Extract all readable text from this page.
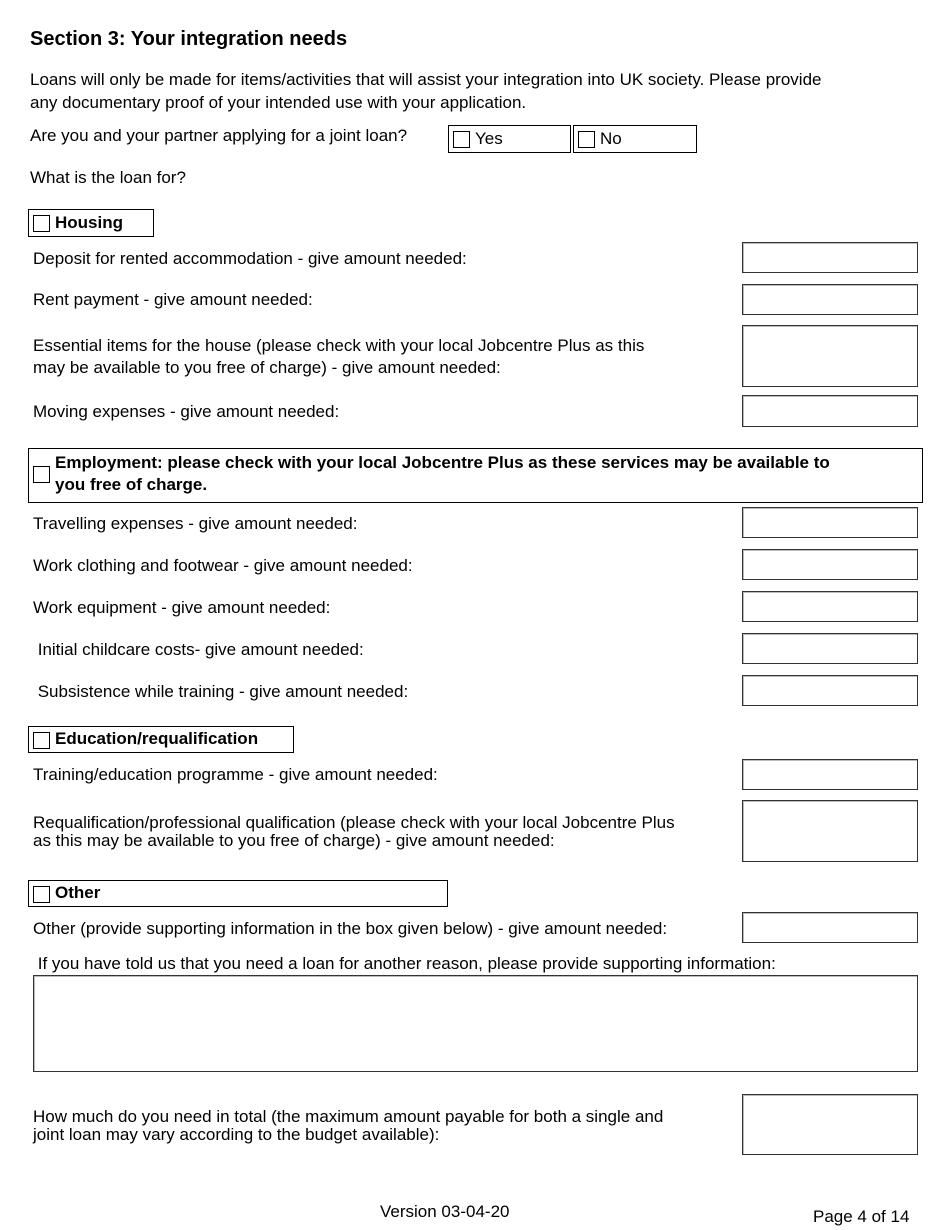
Section 3: Your integration needs
Loans will only be made for items/activities that will assist your integration into UK society. Please provide
any documentary proof of your intended use with your application.
Are you and your partner applying for a joint loan?	Yes	No
What is the loan for?
Housing
Deposit for rented accommodation - give amount needed:
Rent payment - give amount needed:
Essential items for the house (please check with your local Jobcentre Plus as this
may be available to you free of charge) - give amount needed:
Moving expenses - give amount needed:
Employment: please check with your local Jobcentre Plus as these services may be available to
you free of charge.
Travelling expenses - give amount needed:
Work clothing and footwear - give amount needed:
Work equipment - give amount needed:
Initial childcare costs- give amount needed:
Subsistence while training - give amount needed:
Education/requalification
Training/education programme - give amount needed:
Requalification/professional qualification (please check with your local Jobcentre Plus
as this may be available to you free of charge) - give amount needed:
Other
Other (provide supporting information in the box given below) - give amount needed:
If you have told us that you need a loan for another reason, please provide supporting information:
How much do you need in total (the maximum amount payable for both a single and
joint loan may vary according to the budget available):
Page 4 of 14
Version 03-04-20
